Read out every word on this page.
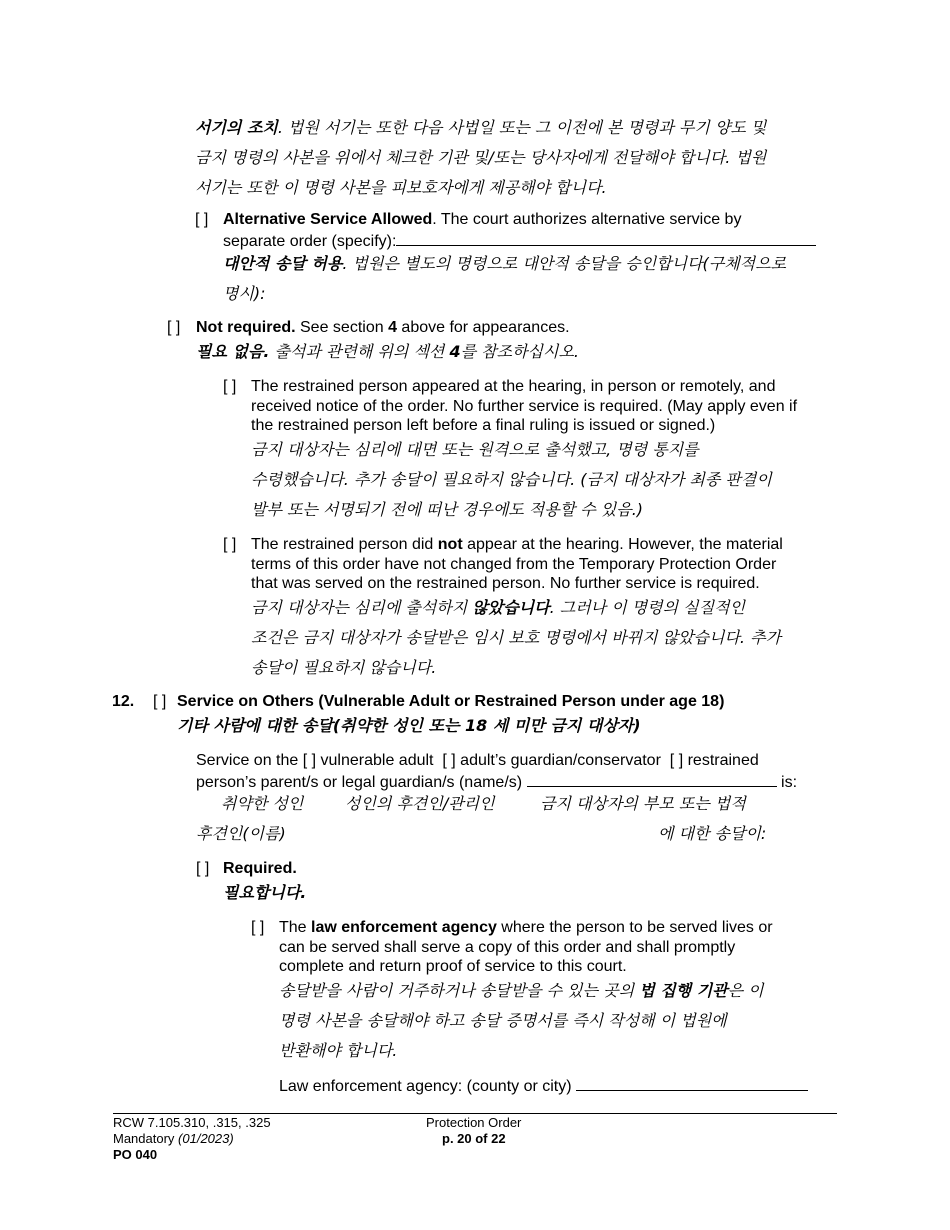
서기의 조치. 법원 서기는 또한 다음 사법일 또는 그 이전에 본 명령과 무기 양도 및
금지 명령의 사본을 위에서 체크한 기관 및/또는 당사자에게 전달해야 합니다. 법원
서기는 또한 이 명령 사본을 피보호자에게 제공해야 합니다.
[ ] Alternative Service Allowed. The court authorizes alternative service by
separate order (specify):
대안적 송달 허용. 법원은 별도의 명령으로 대안적 송달을 승인합니다(구체적으로
명시):
[ ] Not required. See section 4 above for appearances.
필요 없음. 출석과 관련해 위의 섹션 4를 참조하십시오.
[ ] The restrained person appeared at the hearing, in person or remotely, and
received notice of the order. No further service is required. (May apply even if
the restrained person left before a final ruling is issued or signed.)
금지 대상자는 심리에 대면 또는 원격으로 출석했고, 명령 통지를
수령했습니다. 추가 송달이 필요하지 않습니다. (금지 대상자가 최종 판결이
발부 또는 서명되기 전에 떠난 경우에도 적용할 수 있음.)
[ ] The restrained person did not appear at the hearing. However, the material
terms of this order have not changed from the Temporary Protection Order
that was served on the restrained person. No further service is required.
금지 대상자는 심리에 출석하지 않았습니다. 그러나 이 명령의 실질적인
조건은 금지 대상자가 송달받은 임시 보호 명령에서 바뀌지 않았습니다. 추가
송달이 필요하지 않습니다.
12. [ ] Service on Others (Vulnerable Adult or Restrained Person under age 18)
기타 사람에 대한 송달(취약한 성인 또는 18 세 미만 금지 대상자)
Service on the [ ] vulnerable adult [ ] adult’s guardian/conservator [ ] restrained
person’s parent/s or legal guardian/s (name/s)	is:
취약한 성인	성인의 후견인/관리인	금지 대상자의 부모 또는 법적
후견인(이름)	에 대한 송달이:
[ ] Required.
필요합니다.
[ ] The law enforcement agency where the person to be served lives or
can be served shall serve a copy of this order and shall promptly
complete and return proof of service to this court.
송달받을 사람이 거주하거나 송달받을 수 있는 곳의 법 집행 기관은 이
명령 사본을 송달해야 하고 송달 증명서를 즉시 작성해 이 법원에
반환해야 합니다.
Law enforcement agency: (county or city)
RCW 7.105.310, .315, .325
Mandatory (01/2023)
PO 040
Protection Order
p. 20 of 22
